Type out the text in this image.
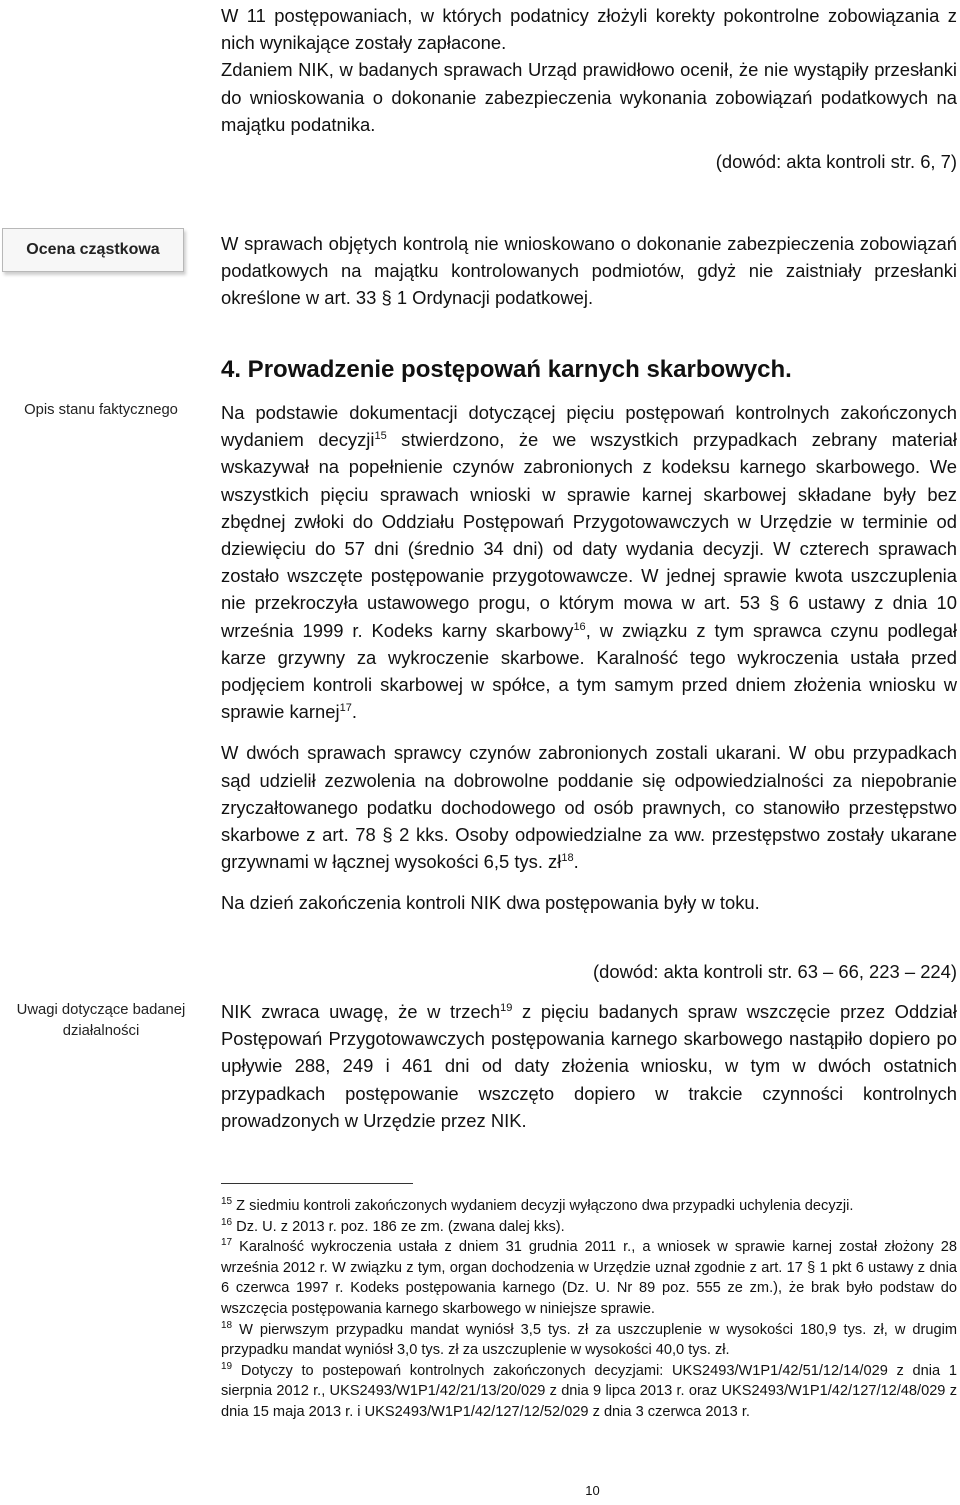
W 11 postępowaniach, w których podatnicy złożyli korekty pokontrolne zobowiązania z nich wynikające zostały zapłacone.

Zdaniem NIK, w badanych sprawach Urząd prawidłowo ocenił, że nie wystąpiły przesłanki do wnioskowania o dokonanie zabezpieczenia wykonania zobowiązań podatkowych na majątku podatnika.

(dowód: akta kontroli str. 6, 7)
Ocena cząstkowa	W sprawach objętych kontrolą nie wnioskowano o dokonanie zabezpieczenia zobowiązań podatkowych na majątku kontrolowanych podmiotów, gdyż nie zaistniały przesłanki określone w art. 33 § 1 Ordynacji podatkowej.
4. Prowadzenie postępowań karnych skarbowych.
Opis stanu faktycznego	Na podstawie dokumentacji dotyczącej pięciu postępowań kontrolnych zakończonych wydaniem decyzji$^{15}$ stwierdzono, że we wszystkich przypadkach zebrany materiał wskazywał na popełnienie czynów zabronionych z kodeksu karnego skarbowego. We wszystkich pięciu sprawach wnioski w sprawie karnej skarbowej składane były bez zbędnej zwłoki do Oddziału Postępowań Przygotowawczych w Urzędzie w terminie od dziewięciu do 57 dni (średnio 34 dni) od daty wydania decyzji. W czterech sprawach zostało wszczęte postępowanie przygotowawcze. W jednej sprawie kwota uszczuplenia nie przekroczyła ustawowego progu, o którym mowa w art. 53 § 6 ustawy z dnia 10 września 1999 r. Kodeks karny skarbowy$^{16}$, w związku z tym sprawca czynu podlegał karze grzywny za wykroczenie skarbowe. Karalność tego wykroczenia ustała przed podjęciem kontroli skarbowej w spółce, a tym samym przed dniem złożenia wniosku w sprawie karnej$^{17}$.

W dwóch sprawach sprawcy czynów zabronionych zostali ukarani. W obu przypadkach sąd udzielił zezwolenia na dobrowolne poddanie się odpowiedzialności za niepobranie zryczałtowanego podatku dochodowego od osób prawnych, co stanowiło przestępstwo skarbowe z art. 78 § 2 kks. Osoby odpowiedzialne za ww. przestępstwo zostały ukarane grzywnami w łącznej wysokości 6,5 tys. $zł^{18}$.

Na dzień zakończenia kontroli NIK dwa postępowania były w toku.

(dowód: akta kontroli str. 63 – 66, 223 – 224)
Uwagi dotyczące badanej działalności
NIK zwraca uwagę, że w trzech$^{19}$ z pięciu badanych spraw wszczęcie przez Oddział Postępowań Przygotowawczych postępowania karnego skarbowego nastąpiło dopiero po upływie 288, 249 i 461 dni od daty złożenia wniosku, w tym w dwóch ostatnich przypadkach postępowanie wszczęto dopiero w trakcie czynności kontrolnych prowadzonych w Urzędzie przez NIK.
$^{15}$ Z siedmiu kontroli zakończonych wydaniem decyzji wyłączono dwa przypadki uchylenia decyzji.
$^{16}$ Dz. U. z 2013 r. poz. 186 ze zm. (zwana dalej kks).
$^{17}$ Karalność wykroczenia ustała z dniem 31 grudnia 2011 r., a wniosek w sprawie karnej został złożony 28 września 2012 r. W związku z tym, organ dochodzenia w Urzędzie uznał zgodnie z art. 17 § 1 pkt 6 ustawy z dnia 6 czerwca 1997 r. Kodeks postępowania karnego (Dz. U. Nr 89 poz. 555 ze zm.), że brak było podstaw do wszczęcia postępowania karnego skarbowego w niniejsze sprawie.
$^{18}$ W pierwszym przypadku mandat wyniósł 3,5 tys. zł za uszczuplenie w wysokości 180,9 tys. zł, w drugim przypadku mandat wyniósł 3,0 tys. zł za uszczuplenie w wysokości 40,0 tys. zł.
$^{19}$ Dotyczy to postepowań kontrolnych zakończonych decyzjami: UKS2493/W1P1/42/51/12/14/029 z dnia 1 sierpnia 2012 r., UKS2493/W1P1/42/21/13/20/029 z dnia 9 lipca 2013 r. oraz UKS2493/W1P1/42/127/12/48/029 z dnia 15 maja 2013 r. i UKS2493/W1P1/42/127/12/52/029 z dnia 3 czerwca 2013 r.
10
